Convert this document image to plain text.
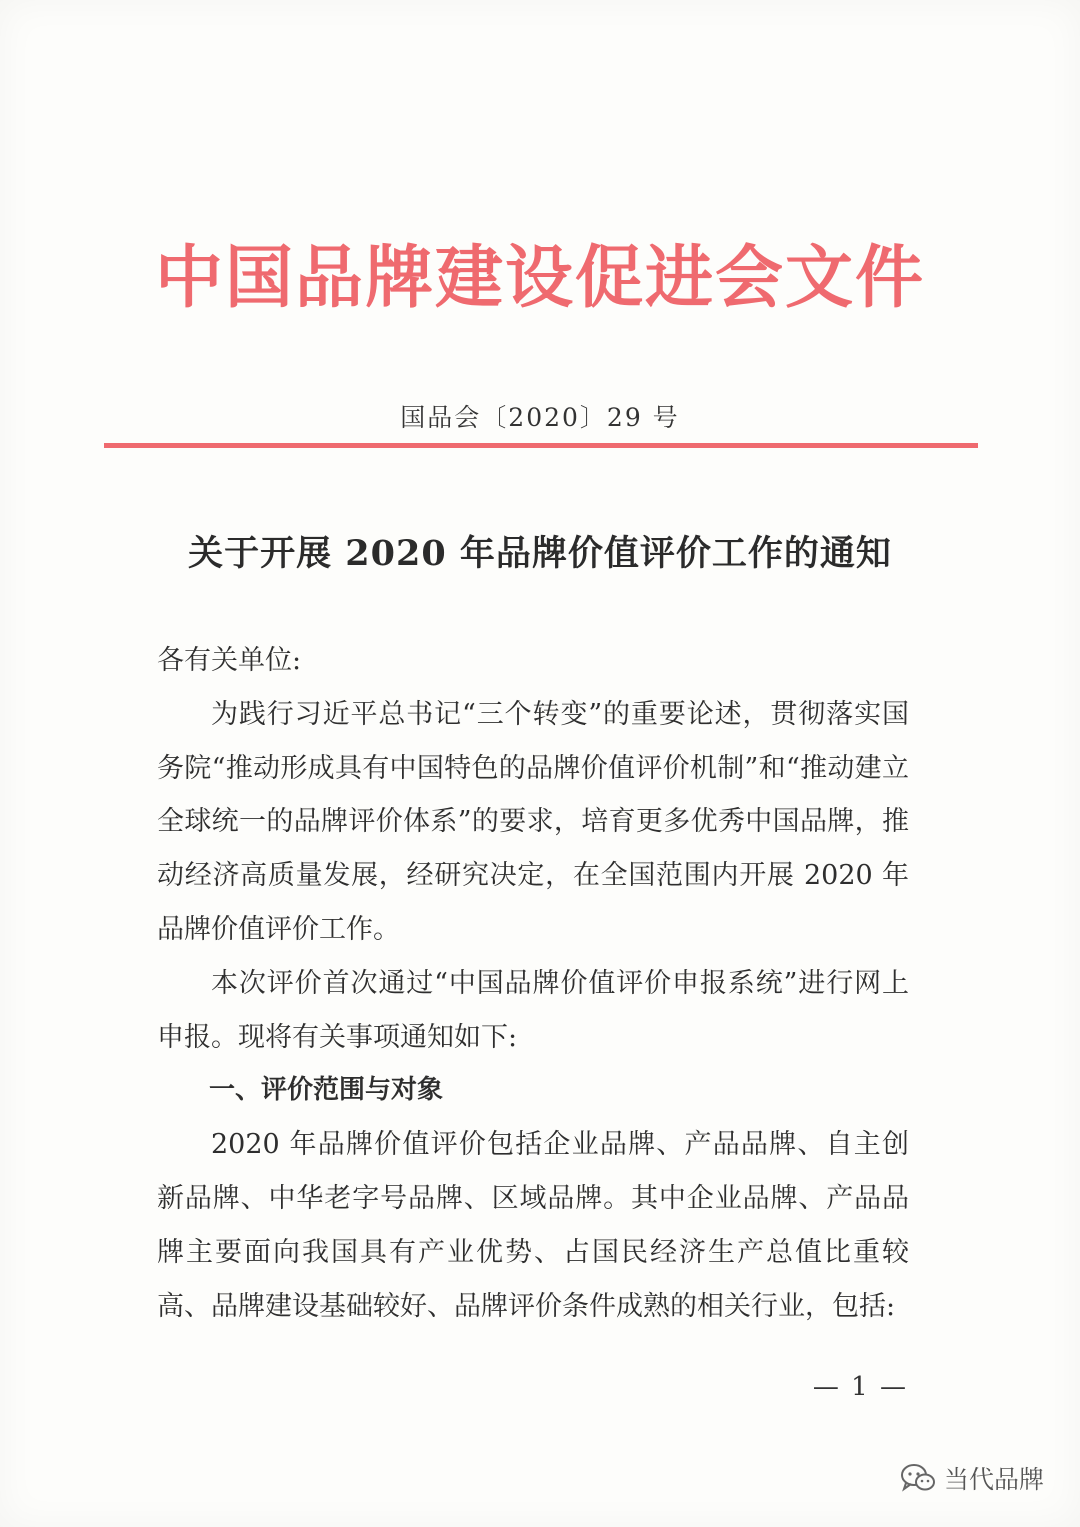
中国品牌建设促进会文件
国品会〔2020〕29 号
关于开展 2020 年品牌价值评价工作的通知

各有关单位:

为践行习近平总书记“三个转变”的重要论述，贯彻落实国务院“推动形成具有中国特色的品牌价值评价机制”和“推动建立全球统一的品牌评价体系”的要求，培育更多优秀中国品牌，推动经济高质量发展，经研究决定，在全国范围内开展 2020 年品牌价值评价工作。

本次评价首次通过“中国品牌价值评价申报系统”进行网上申报。现将有关事项通知如下:

一、评价范围与对象

2020 年品牌价值评价包括企业品牌、产品品牌、自主创新品牌、中华老字号品牌、区域品牌。其中企业品牌、产品品牌主要面向我国具有产业优势、占国民经济生产总值比重较高、品牌建设基础较好、品牌评价条件成熟的相关行业，包括:

— 1 —
当代品牌
